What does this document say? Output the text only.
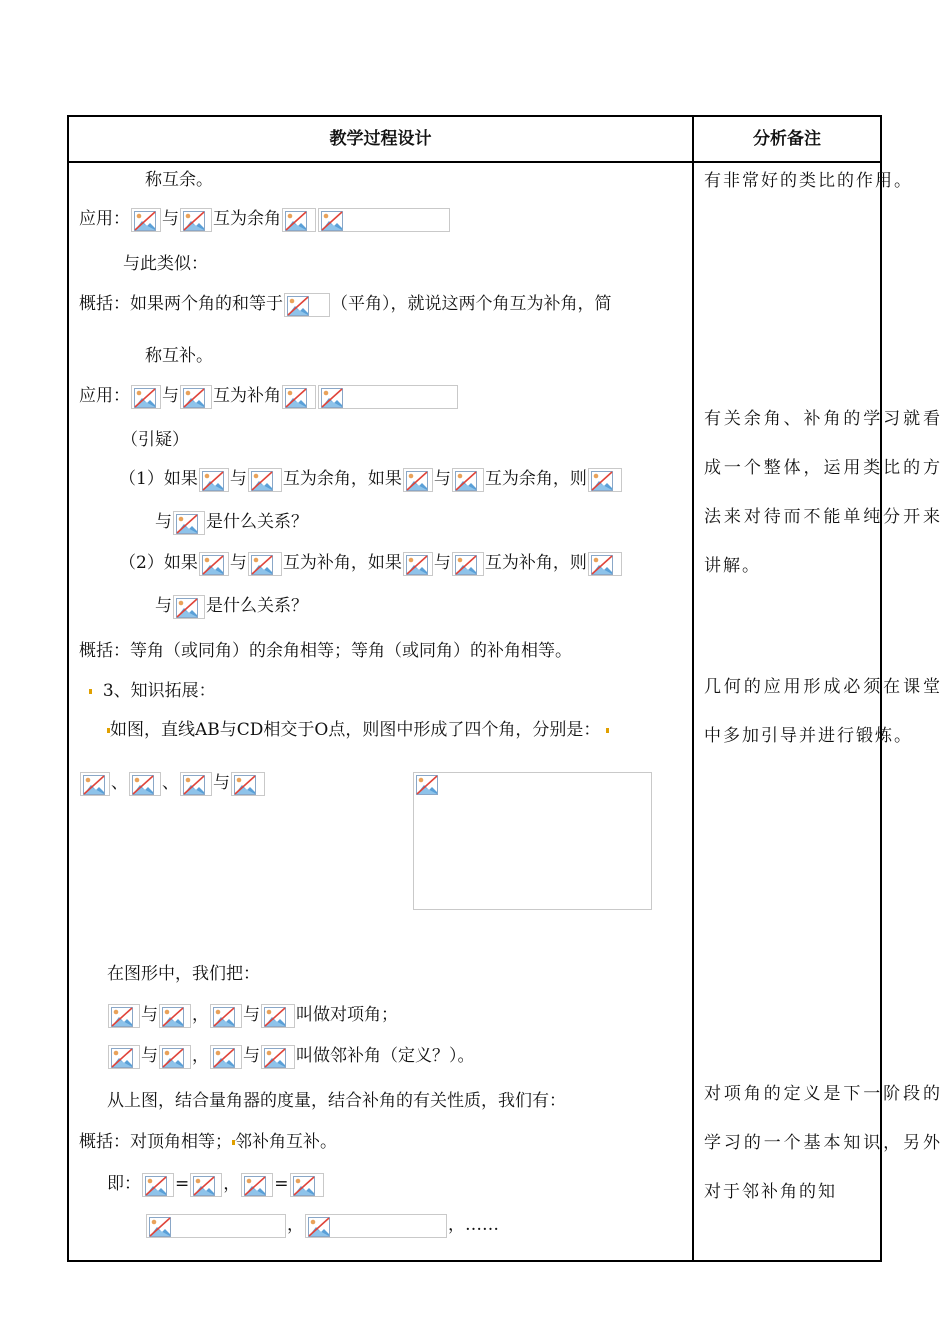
教学过程设计	分析备注
称互余。
应用： 与 互为余角
与此类似：
概括：如果两个角的和等于	（平角），就说这两个角互为补角，简
称互补。
应用： 与 互为补角
（引疑）
（1）如果 与 互为余角，如果 与 互为余角，则
与 是什么关系？
（2）如果 与 互为补角，如果 与 互为补角，则
与 是什么关系？
概括：等角（或同角）的余角相等；等角（或同角）的补角相等。
3、知识拓展：
如图，直线AB与CD相交于O点，则图中形成了四个角，分别是：
、 、 与
在图形中，我们把：
与 ， 与 叫做对项角；
与 ， 与 叫做邻补角（定义？）。
从上图，结合量角器的度量，结合补角的有关性质，我们有：
概括：对顶角相等； 邻补角互补。
即： = ， =
，	，……
有非常好的类比的作用。
有关余角、补角的学习就看成一个整体，运用类比的方法来对待而不能单纯分开来讲解。
几何的应用形成必须在课堂中多加引导并进行锻炼。
对项角的定义是下一阶段的学习的一个基本知识，另外对于邻补角的知
